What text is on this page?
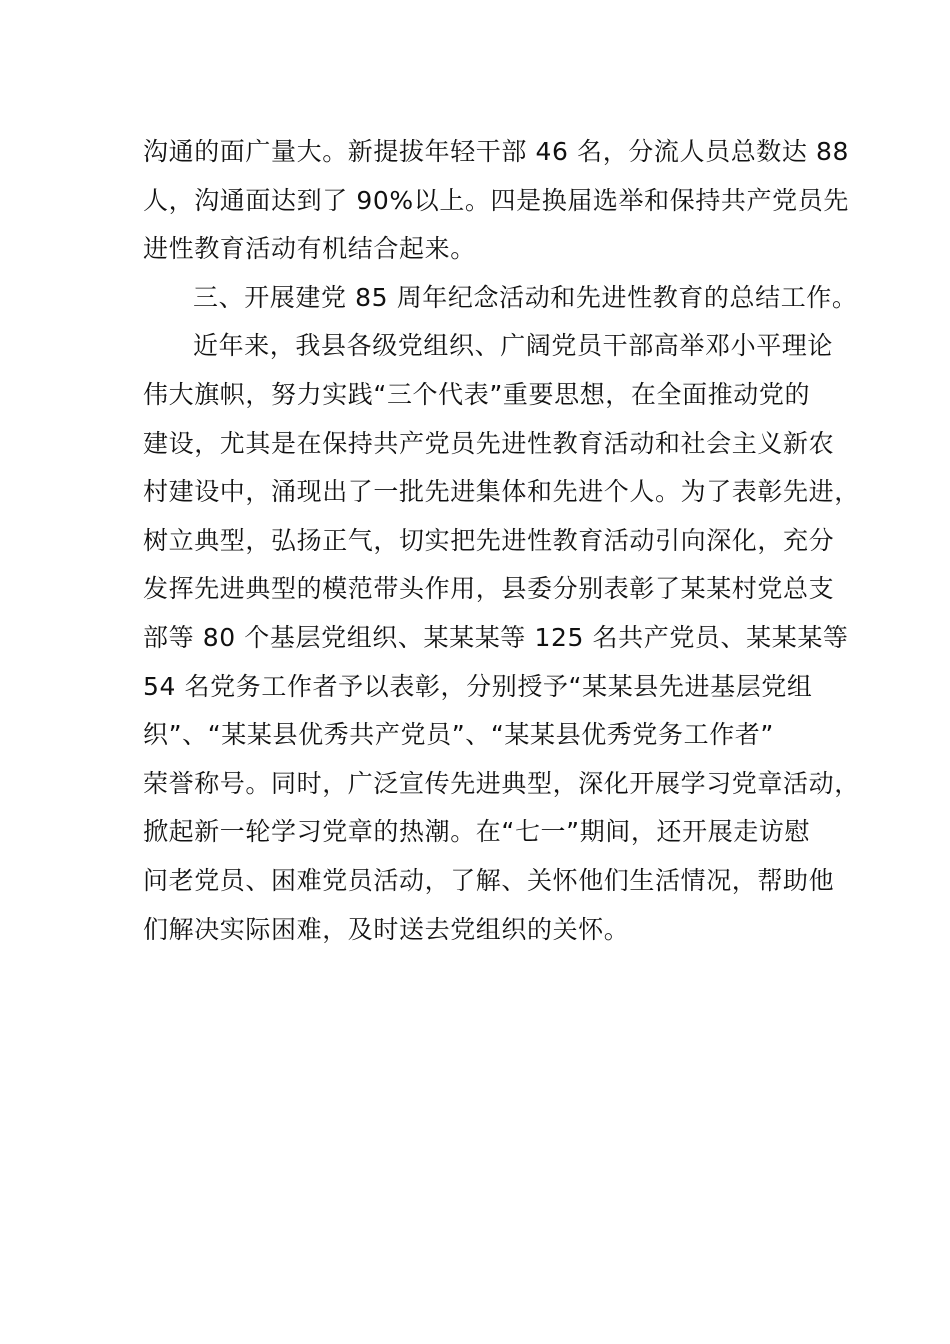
沟通的面广量大。新提拔年轻干部 46 名，分流人员总数达 88
人，沟通面达到了 90%以上。四是换届选举和保持共产党员先
进性教育活动有机结合起来。
三、开展建党 85 周年纪念活动和先进性教育的总结工作。
近年来，我县各级党组织、广阔党员干部高举邓小平理论
伟大旗帜，努力实践“三个代表”重要思想，在全面推动党的
建设，尤其是在保持共产党员先进性教育活动和社会主义新农
村建设中，涌现出了一批先进集体和先进个人。为了表彰先进，
树立典型，弘扬正气，切实把先进性教育活动引向深化，充分
发挥先进典型的模范带头作用，县委分别表彰了某某村党总支
部等 80 个基层党组织、某某某等 125 名共产党员、某某某等
54 名党务工作者予以表彰，分别授予“某某县先进基层党组
织”、“某某县优秀共产党员”、“某某县优秀党务工作者”
荣誉称号。同时，广泛宣传先进典型，深化开展学习党章活动，
掀起新一轮学习党章的热潮。在“七一”期间，还开展走访慰
问老党员、困难党员活动，了解、关怀他们生活情况，帮助他
们解决实际困难，及时送去党组织的关怀。
